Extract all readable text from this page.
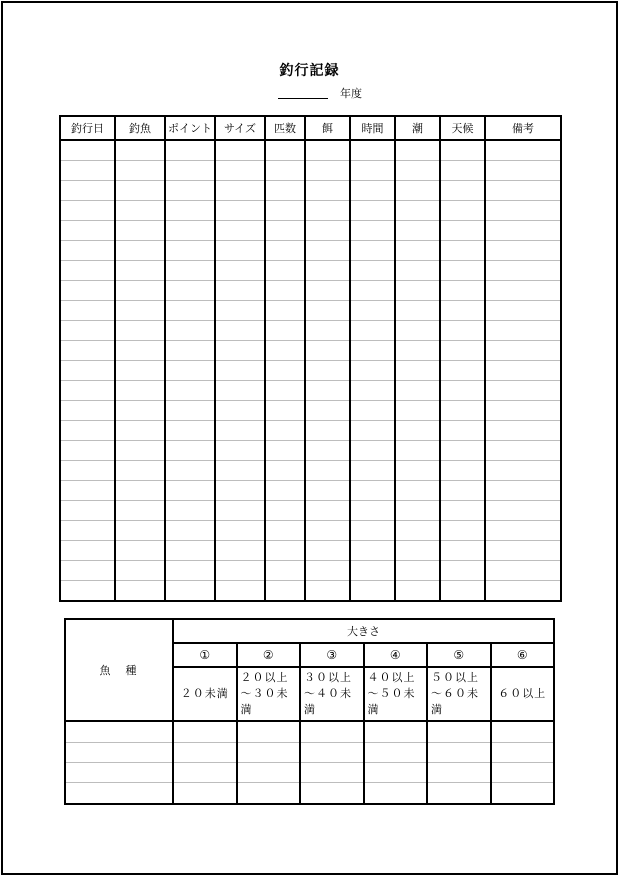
釣行記録
年度
釣行日	釣魚	ポイント	サイズ	匹数	餌	時間	潮	天候	備考

魚　種	大きさ					
	①	②	③	④	⑤	⑥
	２０未満	２０以上～３０未満	３０以上～４０未満	４０以上～５０未満	５０以上～６０未満	６０以上
